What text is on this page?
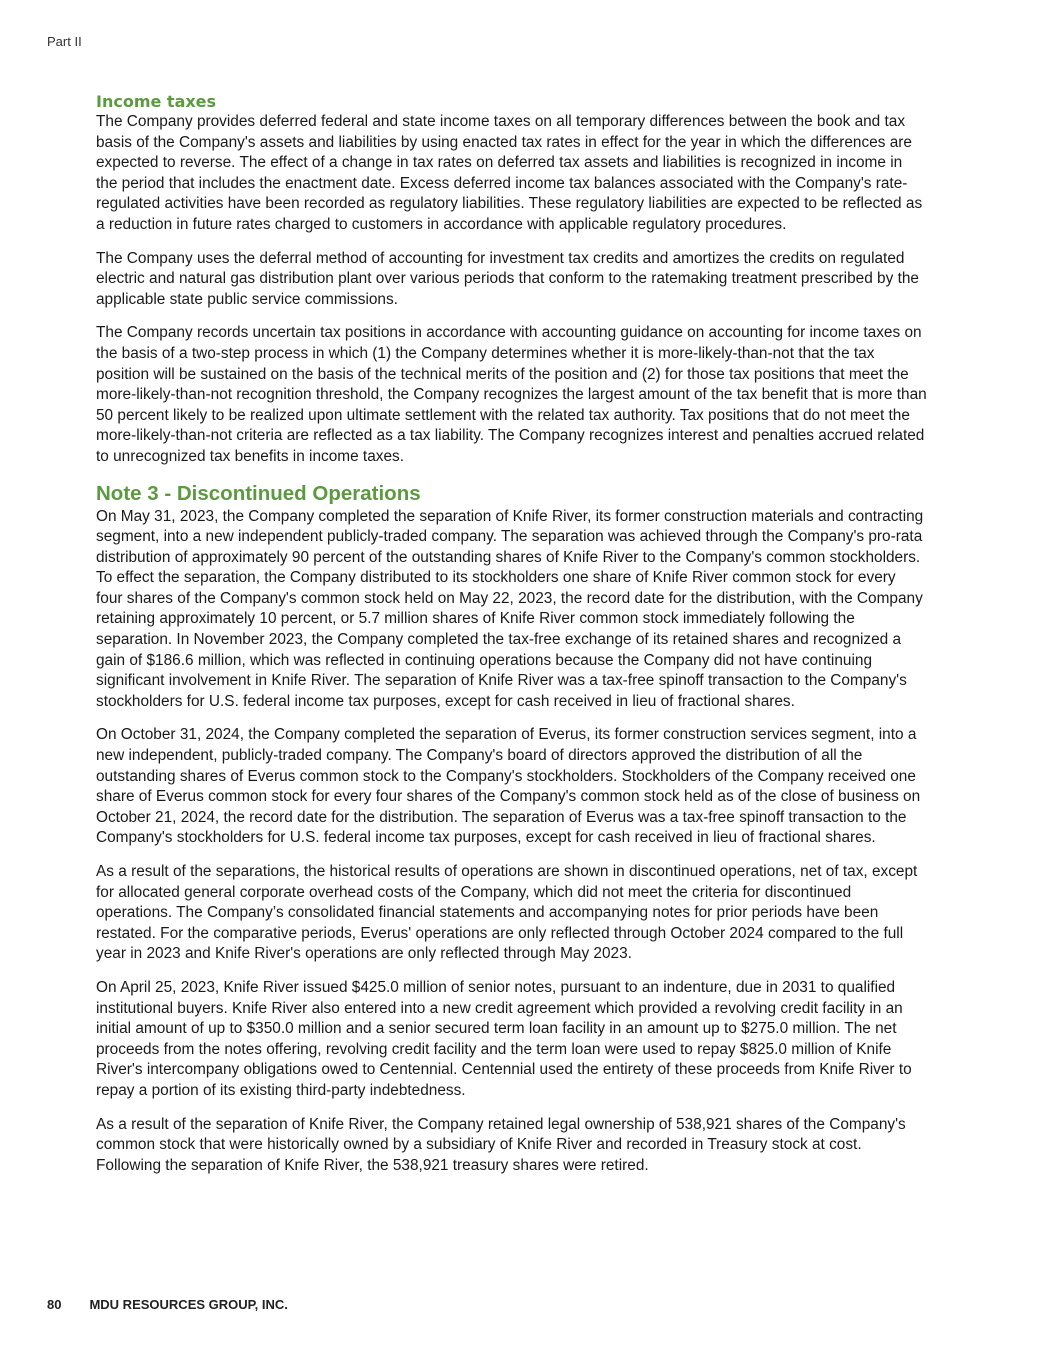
Part II
Income taxes

The Company provides deferred federal and state income taxes on all temporary differences between the book and tax
basis of the Company's assets and liabilities by using enacted tax rates in effect for the year in which the differences are
expected to reverse. The effect of a change in tax rates on deferred tax assets and liabilities is recognized in income in
the period that includes the enactment date. Excess deferred income tax balances associated with the Company's rate-
regulated activities have been recorded as regulatory liabilities. These regulatory liabilities are expected to be reflected as
a reduction in future rates charged to customers in accordance with applicable regulatory procedures.

The Company uses the deferral method of accounting for investment tax credits and amortizes the credits on regulated
electric and natural gas distribution plant over various periods that conform to the ratemaking treatment prescribed by the
applicable state public service commissions.

The Company records uncertain tax positions in accordance with accounting guidance on accounting for income taxes on
the basis of a two-step process in which (1) the Company determines whether it is more-likely-than-not that the tax
position will be sustained on the basis of the technical merits of the position and (2) for those tax positions that meet the
more-likely-than-not recognition threshold, the Company recognizes the largest amount of the tax benefit that is more than
50 percent likely to be realized upon ultimate settlement with the related tax authority. Tax positions that do not meet the
more-likely-than-not criteria are reflected as a tax liability. The Company recognizes interest and penalties accrued related
to unrecognized tax benefits in income taxes.

Note 3 - Discontinued Operations

On May 31, 2023, the Company completed the separation of Knife River, its former construction materials and contracting
segment, into a new independent publicly-traded company. The separation was achieved through the Company's pro-rata
distribution of approximately 90 percent of the outstanding shares of Knife River to the Company's common stockholders.
To effect the separation, the Company distributed to its stockholders one share of Knife River common stock for every
four shares of the Company's common stock held on May 22, 2023, the record date for the distribution, with the Company
retaining approximately 10 percent, or 5.7 million shares of Knife River common stock immediately following the
separation. In November 2023, the Company completed the tax-free exchange of its retained shares and recognized a
gain of $186.6 million, which was reflected in continuing operations because the Company did not have continuing
significant involvement in Knife River. The separation of Knife River was a tax-free spinoff transaction to the Company's
stockholders for U.S. federal income tax purposes, except for cash received in lieu of fractional shares.

On October 31, 2024, the Company completed the separation of Everus, its former construction services segment, into a
new independent, publicly-traded company. The Company's board of directors approved the distribution of all the
outstanding shares of Everus common stock to the Company's stockholders. Stockholders of the Company received one
share of Everus common stock for every four shares of the Company's common stock held as of the close of business on
October 21, 2024, the record date for the distribution. The separation of Everus was a tax-free spinoff transaction to the
Company's stockholders for U.S. federal income tax purposes, except for cash received in lieu of fractional shares.

As a result of the separations, the historical results of operations are shown in discontinued operations, net of tax, except
for allocated general corporate overhead costs of the Company, which did not meet the criteria for discontinued
operations. The Company’s consolidated financial statements and accompanying notes for prior periods have been
restated. For the comparative periods, Everus' operations are only reflected through October 2024 compared to the full
year in 2023 and Knife River's operations are only reflected through May 2023.

On April 25, 2023, Knife River issued $425.0 million of senior notes, pursuant to an indenture, due in 2031 to qualified
institutional buyers. Knife River also entered into a new credit agreement which provided a revolving credit facility in an
initial amount of up to $350.0 million and a senior secured term loan facility in an amount up to $275.0 million. The net
proceeds from the notes offering, revolving credit facility and the term loan were used to repay $825.0 million of Knife
River's intercompany obligations owed to Centennial. Centennial used the entirety of these proceeds from Knife River to
repay a portion of its existing third-party indebtedness.

As a result of the separation of Knife River, the Company retained legal ownership of 538,921 shares of the Company's
common stock that were historically owned by a subsidiary of Knife River and recorded in Treasury stock at cost.
Following the separation of Knife River, the 538,921 treasury shares were retired.

80 MDU RESOURCES GROUP, INC.
